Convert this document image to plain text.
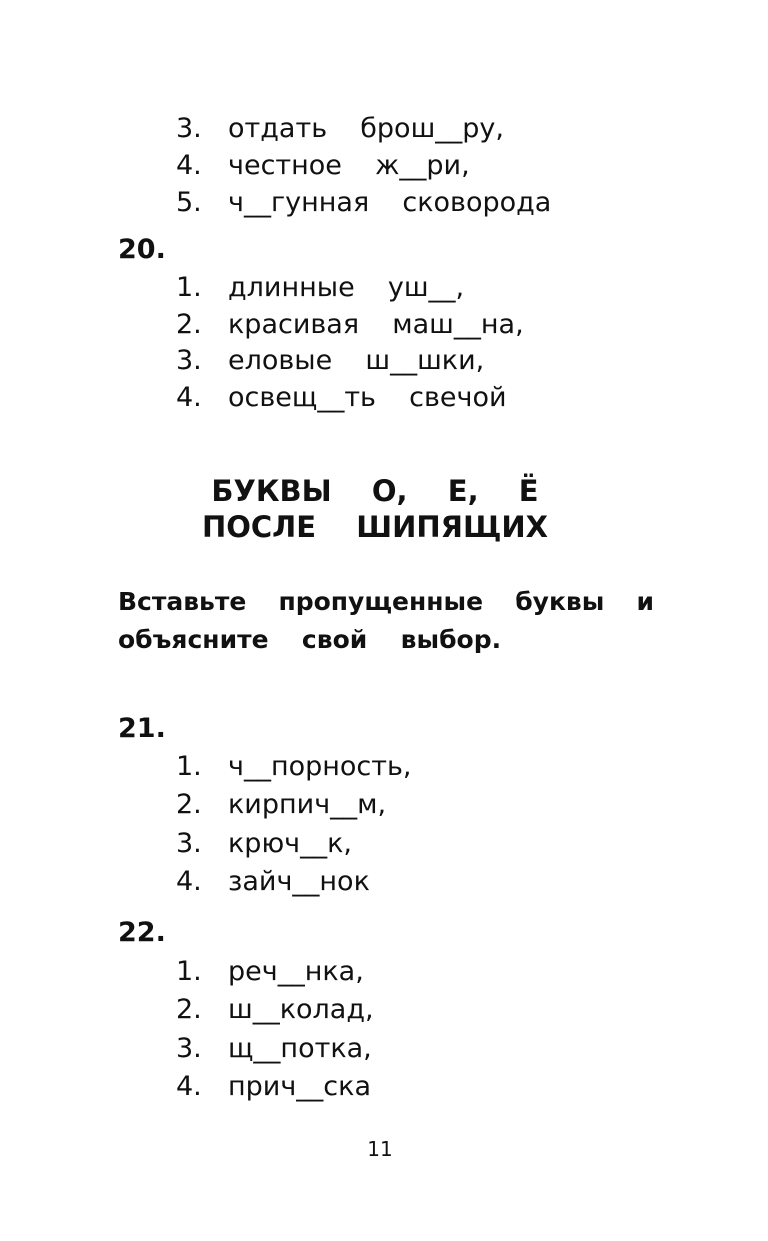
3. отдать  брош__ру,
4. честное  ж__ри,
5. ч__гунная  сковорода
20.
1. длинные  уш__,
2. красивая  маш__на,
3. еловые  ш__шки,
4. освещ__ть  свечой
БУКВЫ  О,  Е,  Ё
ПОСЛЕ  ШИПЯЩИХ
Вставьте пропущенные буквы и
объясните  свой  выбор.
21.
1. ч__порность,
2. кирпич__м,
3. крюч__к,
4. зайч__нок
22.
1. реч__нка,
2. ш__колад,
3. щ__потка,
4. прич__ска
11
